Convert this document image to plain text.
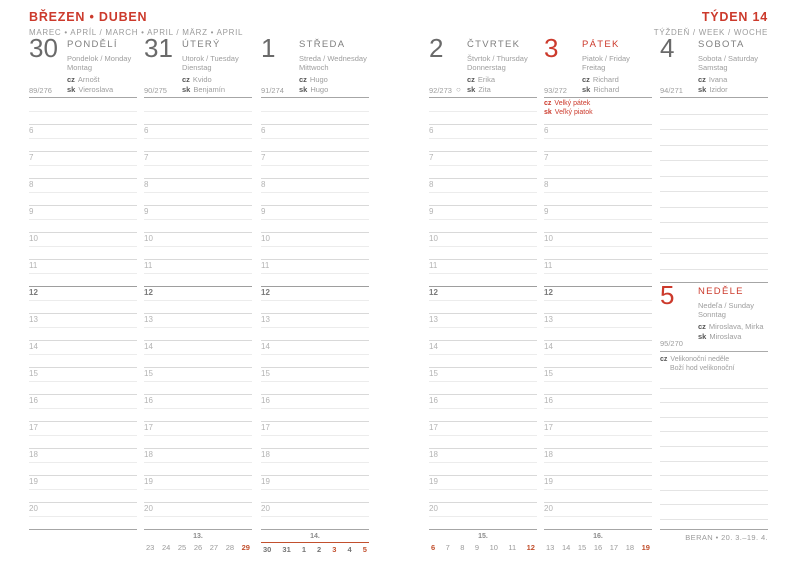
BŘEZEN • DUBEN
MAREC • APRÍL / MARCH • APRIL / MÄRZ • APRIL
TÝDEN 14
TÝŽDEŇ / WEEK / WOCHE
30
89/276
PONDĚLÍ
Pondelok / Monday
Montag
cz Arnošt
sk Vieroslava
6
7
8
9
10
11
12
13
14
15
16
17
18
19
20
31
90/275
ÚTERÝ
Utorok / Tuesday
Dienstag
cz Kvido
sk Benjamín
6
7
8
9
10
11
12
13
14
15
16
17
18
19
20
1
91/274
STŘEDA
Streda / Wednesday
Mittwoch
cz Hugo
sk Hugo
6
7
8
9
10
11
12
13
14
15
16
17
18
19
20
2
92/273 ○
ČTVRTEK
Štvrtok / Thursday
Donnerstag
cz Erika
sk Zita
6
7
8
9
10
11
12
13
14
15
16
17
18
19
20
3
93/272
PÁTEK
Piatok / Friday
Freitag
cz Richard
sk Richard
cz Velký pátek
sk Veľký piatok
6
7
8
9
10
11
12
13
14
15
16
17
18
19
20
4
94/271
SOBOTA
Sobota / Saturday
Samstag
cz Ivana
sk Izidor
5
95/270
NEDĚLE
Nedeľa / Sunday
Sonntag
cz Miroslava, Mirka
sk Miroslava
cz Velikonoční neděle
Boží hod velikonoční
13.
23 24 25 26 27 28 29
14.
30 31 1 2 3 4 5
15.
6 7 8 9 10 11 12
16.
13 14 15 16 17 18 19
BERAN • 20. 3.–19. 4.
